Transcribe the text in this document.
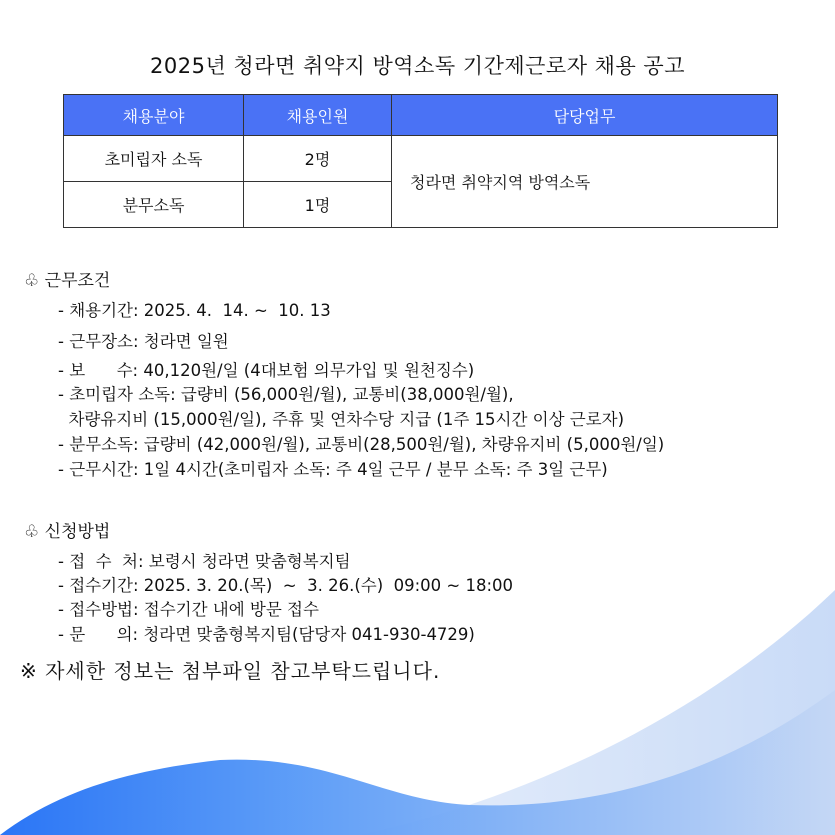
2025년 청라면 취약지 방역소독 기간제근로자 채용 공고
채용분야	채용인원	담당업무
초미립자 소독	2명	청라면 취약지역 방역소독
분무소독	1명	
♧ 근무조건
- 채용기간: 2025. 4.  14. ~  10. 13
- 근무장소: 청라면 일원
- 보      수: 40,120원/일 (4대보험 의무가입 및 원천징수)
- 초미립자 소독: 급량비 (56,000원/월), 교통비(38,000원/월),
차량유지비 (15,000원/일), 주휴 및 연차수당 지급 (1주 15시간 이상 근로자)
- 분무소독: 급량비 (42,000원/월), 교통비(28,500원/월), 차량유지비 (5,000원/일)
- 근무시간: 1일 4시간(초미립자 소독: 주 4일 근무 / 분무 소독: 주 3일 근무)
♧ 신청방법
- 접  수  처: 보령시 청라면 맞춤형복지팀
- 접수기간: 2025. 3. 20.(목)  ~  3. 26.(수)  09:00 ~ 18:00
- 접수방법: 접수기간 내에 방문 접수
- 문      의: 청라면 맞춤형복지팀(담당자 041-930-4729)
※ 자세한 정보는 첨부파일 참고부탁드립니다.
